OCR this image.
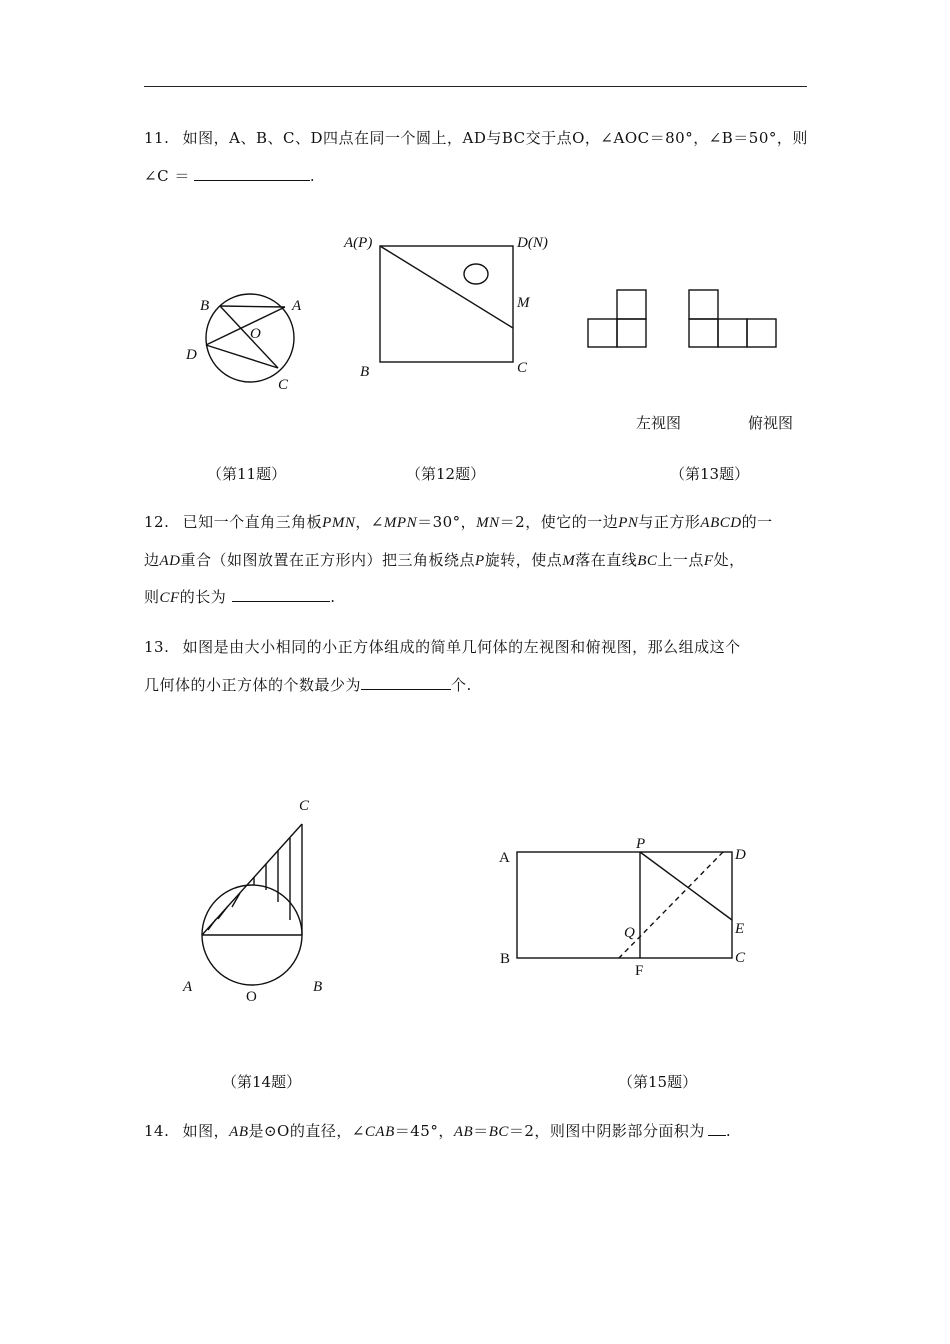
11. 如图，A、B、C、D四点在同一个圆上，AD与BC交于点O，∠AOC＝80°，∠B＝50°，则
∠C ＝	.
B	A
O
D
C
A(P)	D(N)
M
B	C
左视图	俯视图
（第11题）	（第12题）	（第13题）
12. 已知一个直角三角板PMN，∠MPN＝30°，MN＝2，使它的一边PN与正方形ABCD的一
边AD重合（如图放置在正方形内）把三角板绕点P旋转，使点M落在直线BC上一点F处，
则CF的长为	.
13. 如图是由大小相同的小正方体组成的简单几何体的左视图和俯视图，那么组成这个
几何体的小正方体的个数最少为	个.
C
A
O
B
A
P
D
E
Q
B	C
F
（第14题）	（第15题）
14. 如图，AB是⊙O的直径，∠CAB＝45°，AB＝BC＝2，则图中阴影部分面积为 .
